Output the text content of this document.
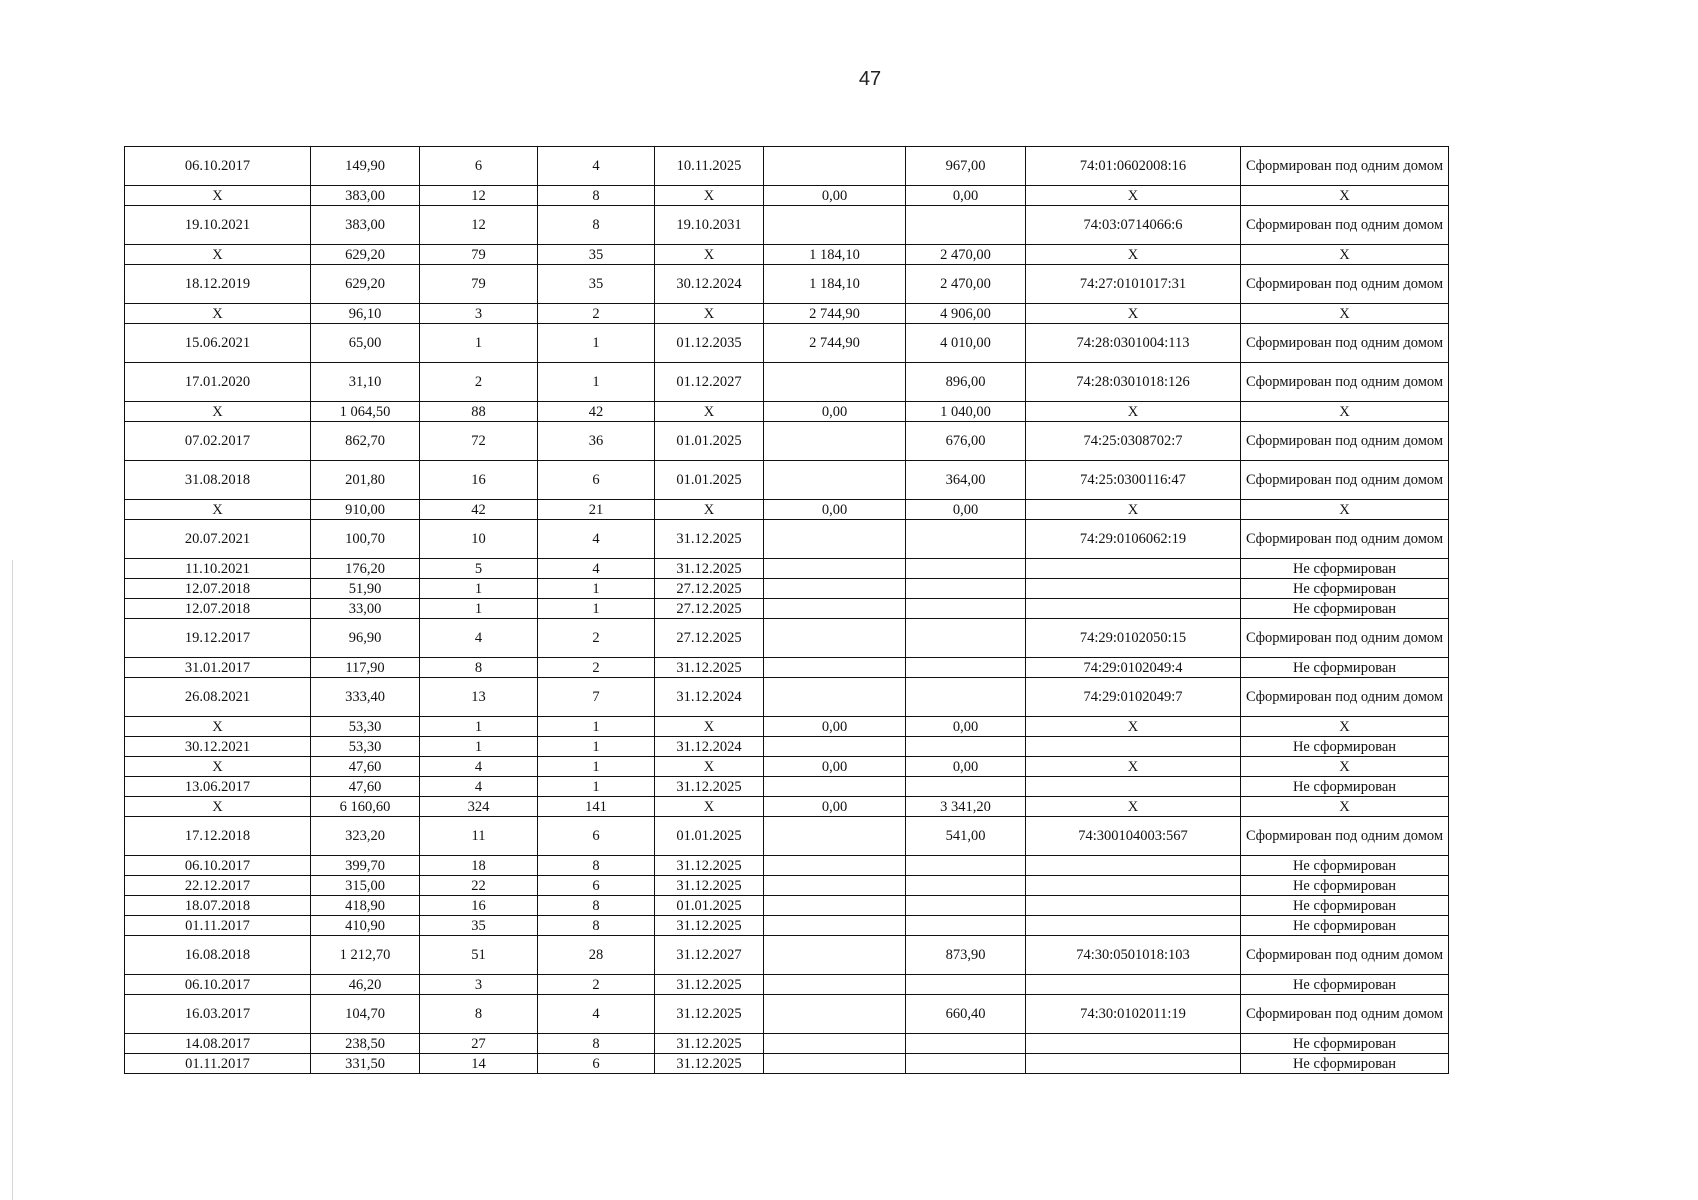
47
06.10.2017	149,90	6	4	10.11.2025		967,00	74:01:0602008:16	Сформирован под одним домом
X	383,00	12	8	X	0,00	0,00	X	X
19.10.2021	383,00	12	8	19.10.2031			74:03:0714066:6	Сформирован под одним домом
X	629,20	79	35	X	1 184,10	2 470,00	X	X
18.12.2019	629,20	79	35	30.12.2024	1 184,10	2 470,00	74:27:0101017:31	Сформирован под одним домом
X	96,10	3	2	X	2 744,90	4 906,00	X	X
15.06.2021	65,00	1	1	01.12.2035	2 744,90	4 010,00	74:28:0301004:113	Сформирован под одним домом
17.01.2020	31,10	2	1	01.12.2027		896,00	74:28:0301018:126	Сформирован под одним домом
X	1 064,50	88	42	X	0,00	1 040,00	X	X
07.02.2017	862,70	72	36	01.01.2025		676,00	74:25:0308702:7	Сформирован под одним домом
31.08.2018	201,80	16	6	01.01.2025		364,00	74:25:0300116:47	Сформирован под одним домом
X	910,00	42	21	X	0,00	0,00	X	X
20.07.2021	100,70	10	4	31.12.2025			74:29:0106062:19	Сформирован под одним домом
11.10.2021	176,20	5	4	31.12.2025				Не сформирован
12.07.2018	51,90	1	1	27.12.2025				Не сформирован
12.07.2018	33,00	1	1	27.12.2025				Не сформирован
19.12.2017	96,90	4	2	27.12.2025			74:29:0102050:15	Сформирован под одним домом
31.01.2017	117,90	8	2	31.12.2025			74:29:0102049:4	Не сформирован
26.08.2021	333,40	13	7	31.12.2024			74:29:0102049:7	Сформирован под одним домом
X	53,30	1	1	X	0,00	0,00	X	X
30.12.2021	53,30	1	1	31.12.2024				Не сформирован
X	47,60	4	1	X	0,00	0,00	X	X
13.06.2017	47,60	4	1	31.12.2025				Не сформирован
X	6 160,60	324	141	X	0,00	3 341,20	X	X
17.12.2018	323,20	11	6	01.01.2025		541,00	74:300104003:567	Сформирован под одним домом
06.10.2017	399,70	18	8	31.12.2025				Не сформирован
22.12.2017	315,00	22	6	31.12.2025				Не сформирован
18.07.2018	418,90	16	8	01.01.2025				Не сформирован
01.11.2017	410,90	35	8	31.12.2025				Не сформирован
16.08.2018	1 212,70	51	28	31.12.2027		873,90	74:30:0501018:103	Сформирован под одним домом
06.10.2017	46,20	3	2	31.12.2025				Не сформирован
16.03.2017	104,70	8	4	31.12.2025		660,40	74:30:0102011:19	Сформирован под одним домом
14.08.2017	238,50	27	8	31.12.2025				Не сформирован
01.11.2017	331,50	14	6	31.12.2025				Не сформирован
